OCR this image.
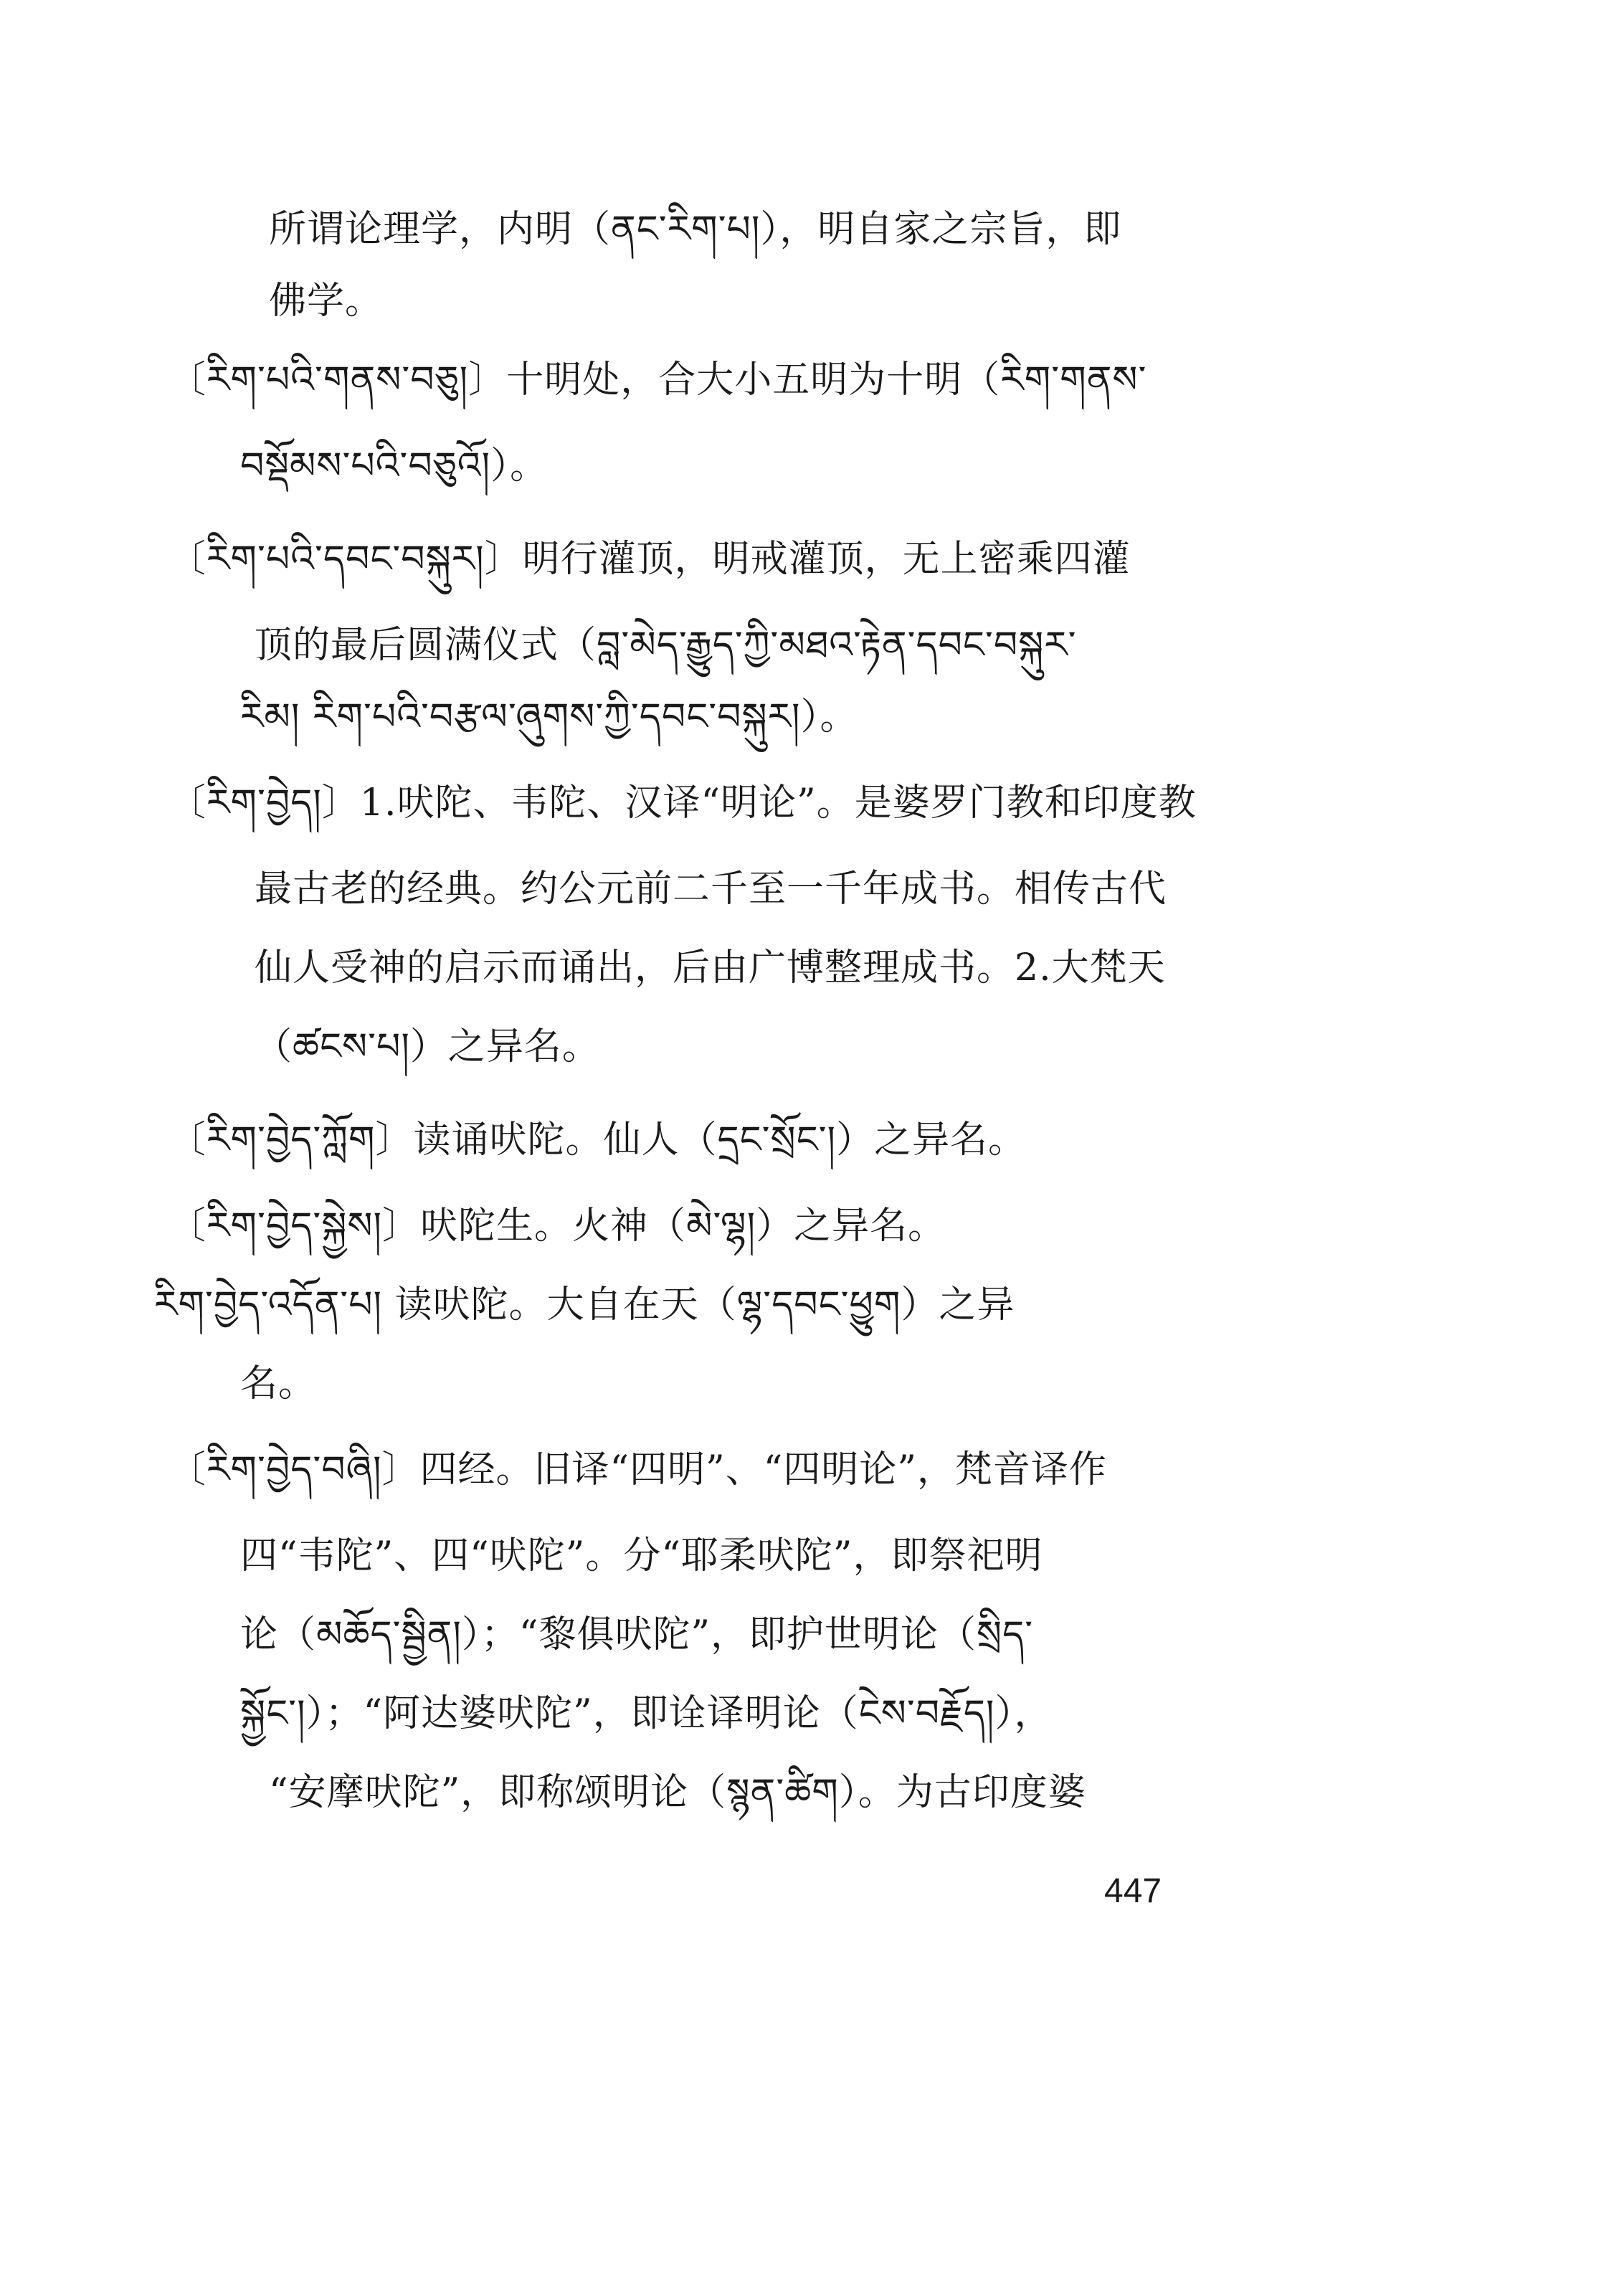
所谓论理学，内明（ནང་རིག་པ།），明自家之宗旨，即
佛学。
〔རིག་པའི་གནས་བཅུ།〕十明处，合大小五明为十明（རིག་གནས་
བསྡོམས་པའི་བཅུའོ།）。
〔རིག་པའི་དབང་བསྐུར།〕明行灌顶，明戒灌顶，无上密乘四灌
顶的最后圆满仪式（བླ་མེད་རྒྱུད་ཀྱི་མཐའ་རྟེན་དབང་བསྐུར་
རིམ། རིག་པའི་བརྩལ་ཞུགས་ཀྱི་དབང་བསྐུར།）。
〔རིག་བྱེད།〕1.吠陀、韦陀、汉译“明论”。是婆罗门教和印度教
最古老的经典。约公元前二千至一千年成书。相传古代
仙人受神的启示而诵出，后由广博整理成书。2.大梵天
（ཚངས་པ།）之异名。
〔རིག་བྱེད་ཀློག〕读诵吠陀。仙人（དྲང་སྲོང་།）之异名。
〔རིག་བྱེད་སྐྱེས།〕吠陀生。火神（མེ་ལྷ།）之异名。
རིག་བྱེད་འདོན་པ། 读吠陀。大自在天（ལྷ་དབང་ཕྱུག）之异
名。
〔རིག་བྱེད་བཞི།〕四经。旧译“四明”、“四明论”，梵音译作
四“韦陀”、四“吠陀”。分“耶柔吠陀”，即祭祀明
论（མཆོད་སྦྱིན།）；“黎俱吠陀”，即护世明论（སྲིད་
སྐྱོང་།）；“阿达婆吠陀”，即诠译明论（ངེས་བརྗོད།），
“安摩吠陀”，即称颂明论（སྙན་ཚིག）。为古印度婆
447
